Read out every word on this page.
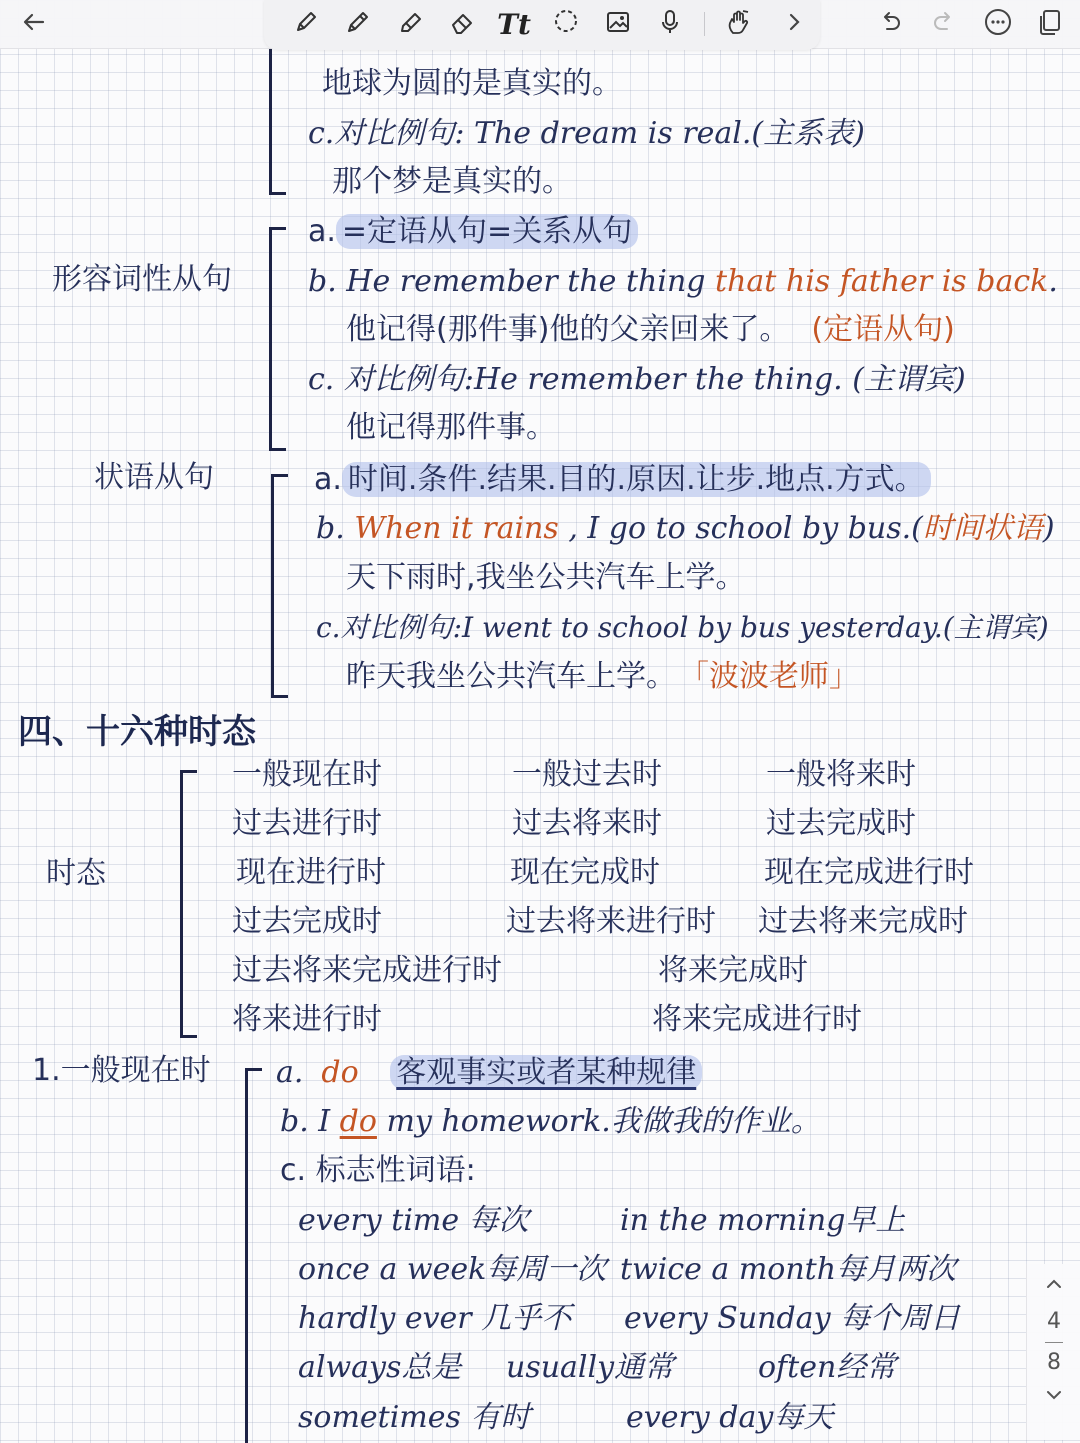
Tt
地球为圆的是真实的。
c.对比例句: The dream is real.(主系表)
那个梦是真实的。
形容词性从句
a. =定语从句=关系从句
b. He remember the thing that his father is back.
他记得(那件事)他的父亲回来了。 (定语从句)
c. 对比例句:He remember the thing. (主谓宾)
他记得那件事。
状语从句	a. 时间.条件.结果.目的.原因.让步.地点.方式。
b. When it rains , I go to school by bus.(时间状语)
天下雨时,我坐公共汽车上学。
c.对比例句:I went to school by bus yesterday.(主谓宾)
昨天我坐公共汽车上学。 「波波老师」
四、十六种时态
时态
一般现在时	一般过去时	一般将来时
过去进行时	过去将来时	过去完成时
现在进行时	现在完成时	现在完成进行时
过去完成时	过去将来进行时 过去将来完成时
过去将来完成进行时	将来完成时
将来进行时	将来完成进行时
1.一般现在时 a. do 客观事实或者某种规律
b. I do my homework.我做我的作业。
c. 标志性词语:
every time 每次	in the morning早上
once a week每周一次 twice a month每月两次
hardly ever 几乎不 every Sunday 每个周日
always总是 usually通常	often经常
sometimes 有时	every day每天
4
8
